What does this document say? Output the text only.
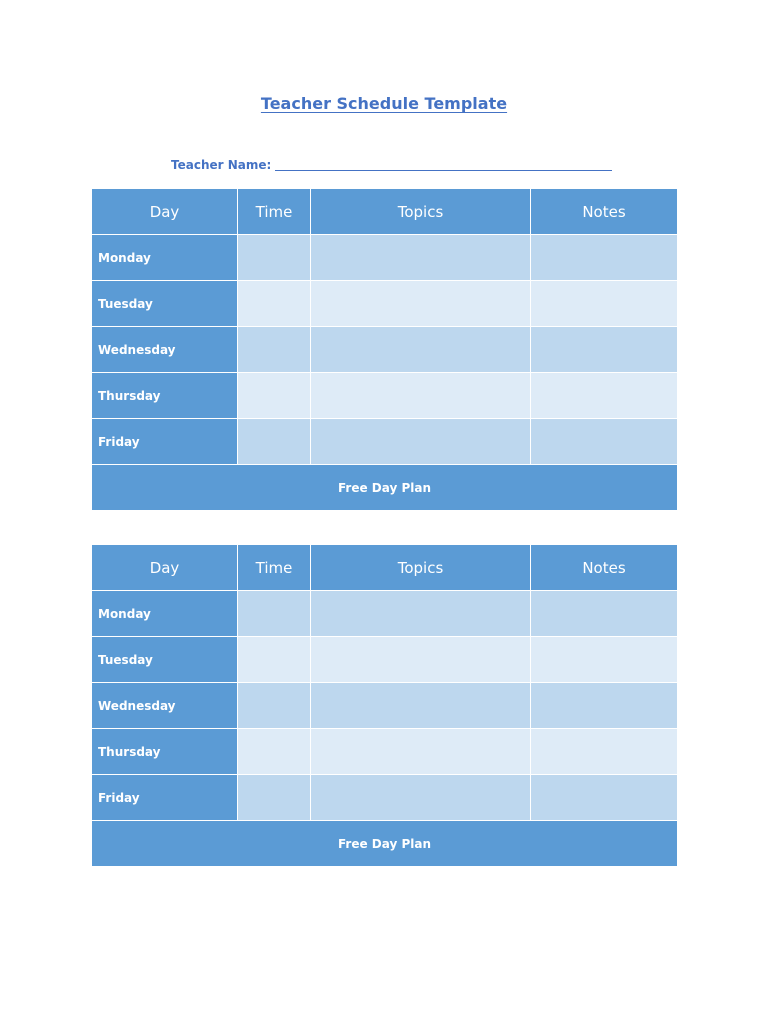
Teacher Schedule Template
Teacher Name:
Day	Time	Topics	Notes
Monday			
Tuesday			
Wednesday			
Thursday			
Friday			
Free Day Plan			
Day	Time	Topics	Notes
Monday			
Tuesday			
Wednesday			
Thursday			
Friday			
Free Day Plan			
